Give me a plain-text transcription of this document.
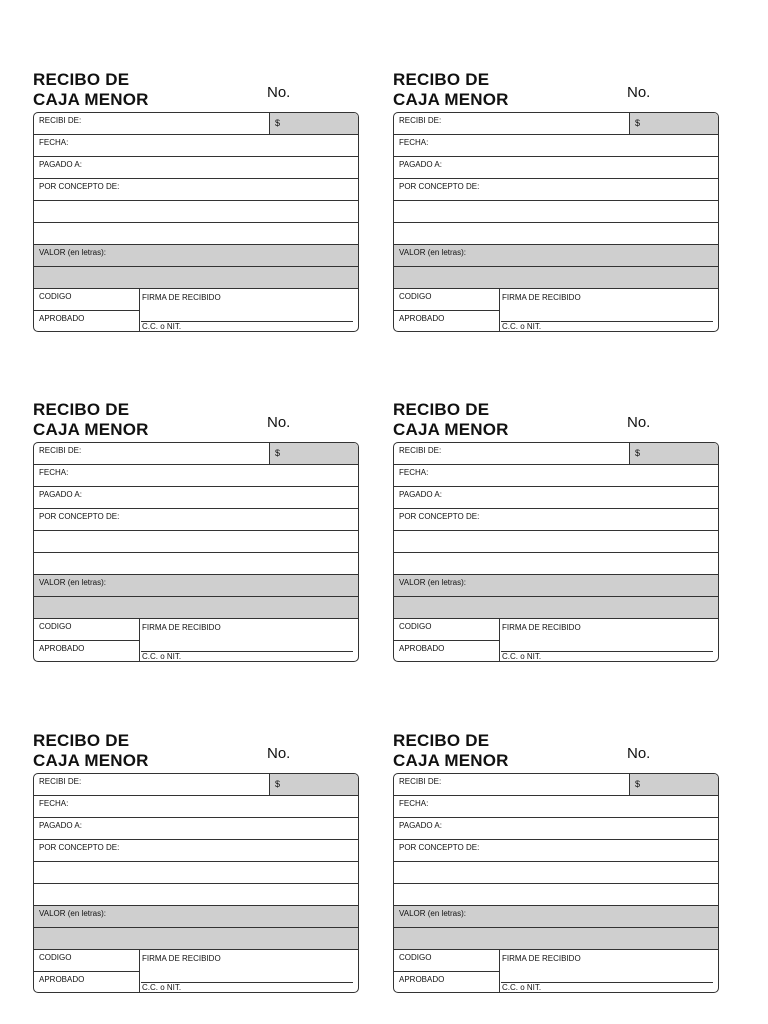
RECIBO DE
CAJA MENOR	No.
RECIBI DE:	$
FECHA:
PAGADO A:
POR CONCEPTO DE:
VALOR (en letras):
CODIGO
APROBADO
FIRMA DE RECIBIDO
C.C. o NIT.
RECIBO DE
CAJA MENOR	No.
RECIBI DE:	$
FECHA:
PAGADO A:
POR CONCEPTO DE:
VALOR (en letras):
CODIGO
APROBADO
FIRMA DE RECIBIDO
C.C. o NIT.
RECIBO DE
CAJA MENOR	No.
RECIBI DE:	$
FECHA:
PAGADO A:
POR CONCEPTO DE:
VALOR (en letras):
CODIGO
APROBADO
FIRMA DE RECIBIDO
C.C. o NIT.
RECIBO DE
CAJA MENOR	No.
RECIBI DE:	$
FECHA:
PAGADO A:
POR CONCEPTO DE:
VALOR (en letras):
CODIGO
APROBADO
FIRMA DE RECIBIDO
C.C. o NIT.
RECIBO DE
CAJA MENOR	No.
RECIBI DE:	$
FECHA:
PAGADO A:
POR CONCEPTO DE:
VALOR (en letras):
CODIGO
APROBADO
FIRMA DE RECIBIDO
C.C. o NIT.
RECIBO DE
CAJA MENOR	No.
RECIBI DE:	$
FECHA:
PAGADO A:
POR CONCEPTO DE:
VALOR (en letras):
CODIGO
APROBADO
FIRMA DE RECIBIDO
C.C. o NIT.
